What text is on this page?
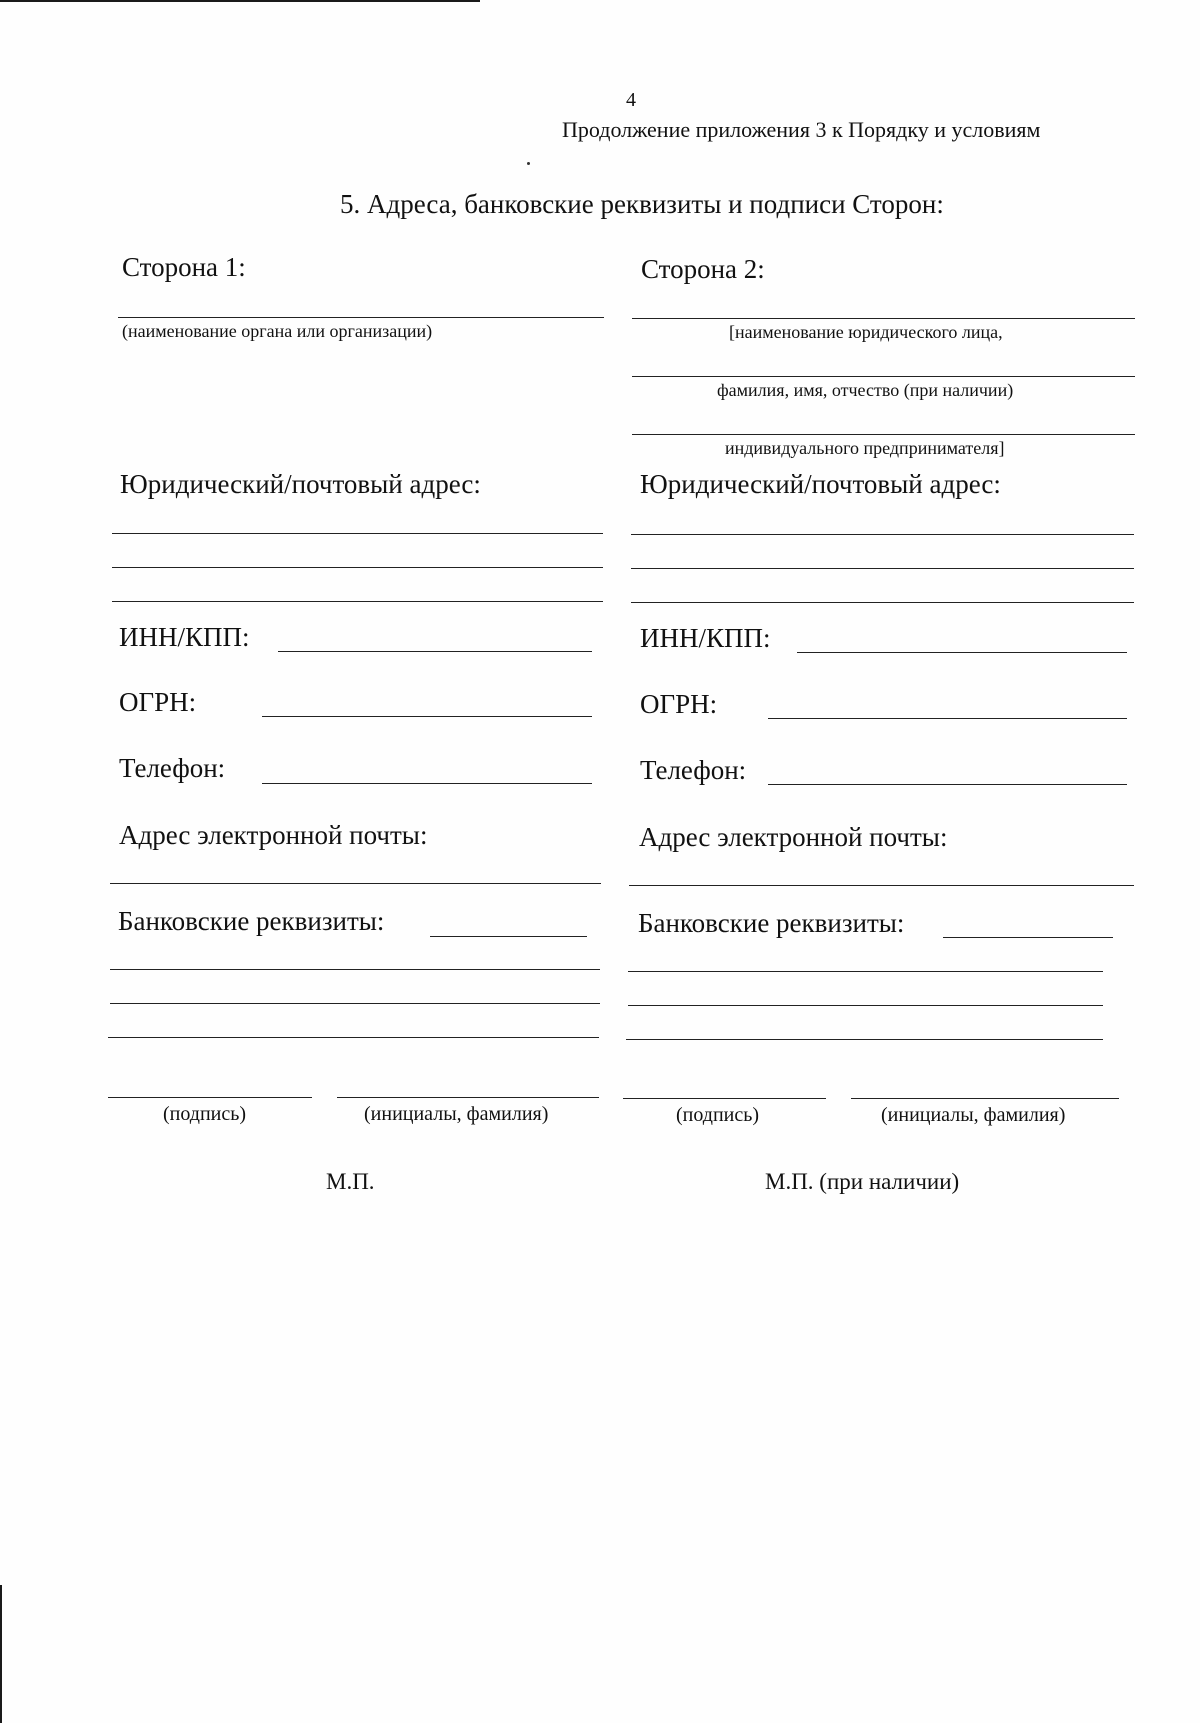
4
Продолжение приложения 3 к Порядку и условиям
5. Адреса, банковские реквизиты и подписи Сторон:
Сторона 1:
(наименование органа или организации)
Юридический/почтовый адрес:
ИНН/КПП:
ОГРН:
Телефон:
Адрес электронной почты:
Банковские реквизиты:
(подпись)	(инициалы, фамилия)
М.П.
Сторона 2:
[наименование юридического лица,
фамилия, имя, отчество (при наличии)
индивидуального предпринимателя]
Юридический/почтовый адрес:
ИНН/КПП:
ОГРН:
Телефон:
Адрес электронной почты:
Банковские реквизиты:
(подпись)	(инициалы, фамилия)
М.П. (при наличии)
